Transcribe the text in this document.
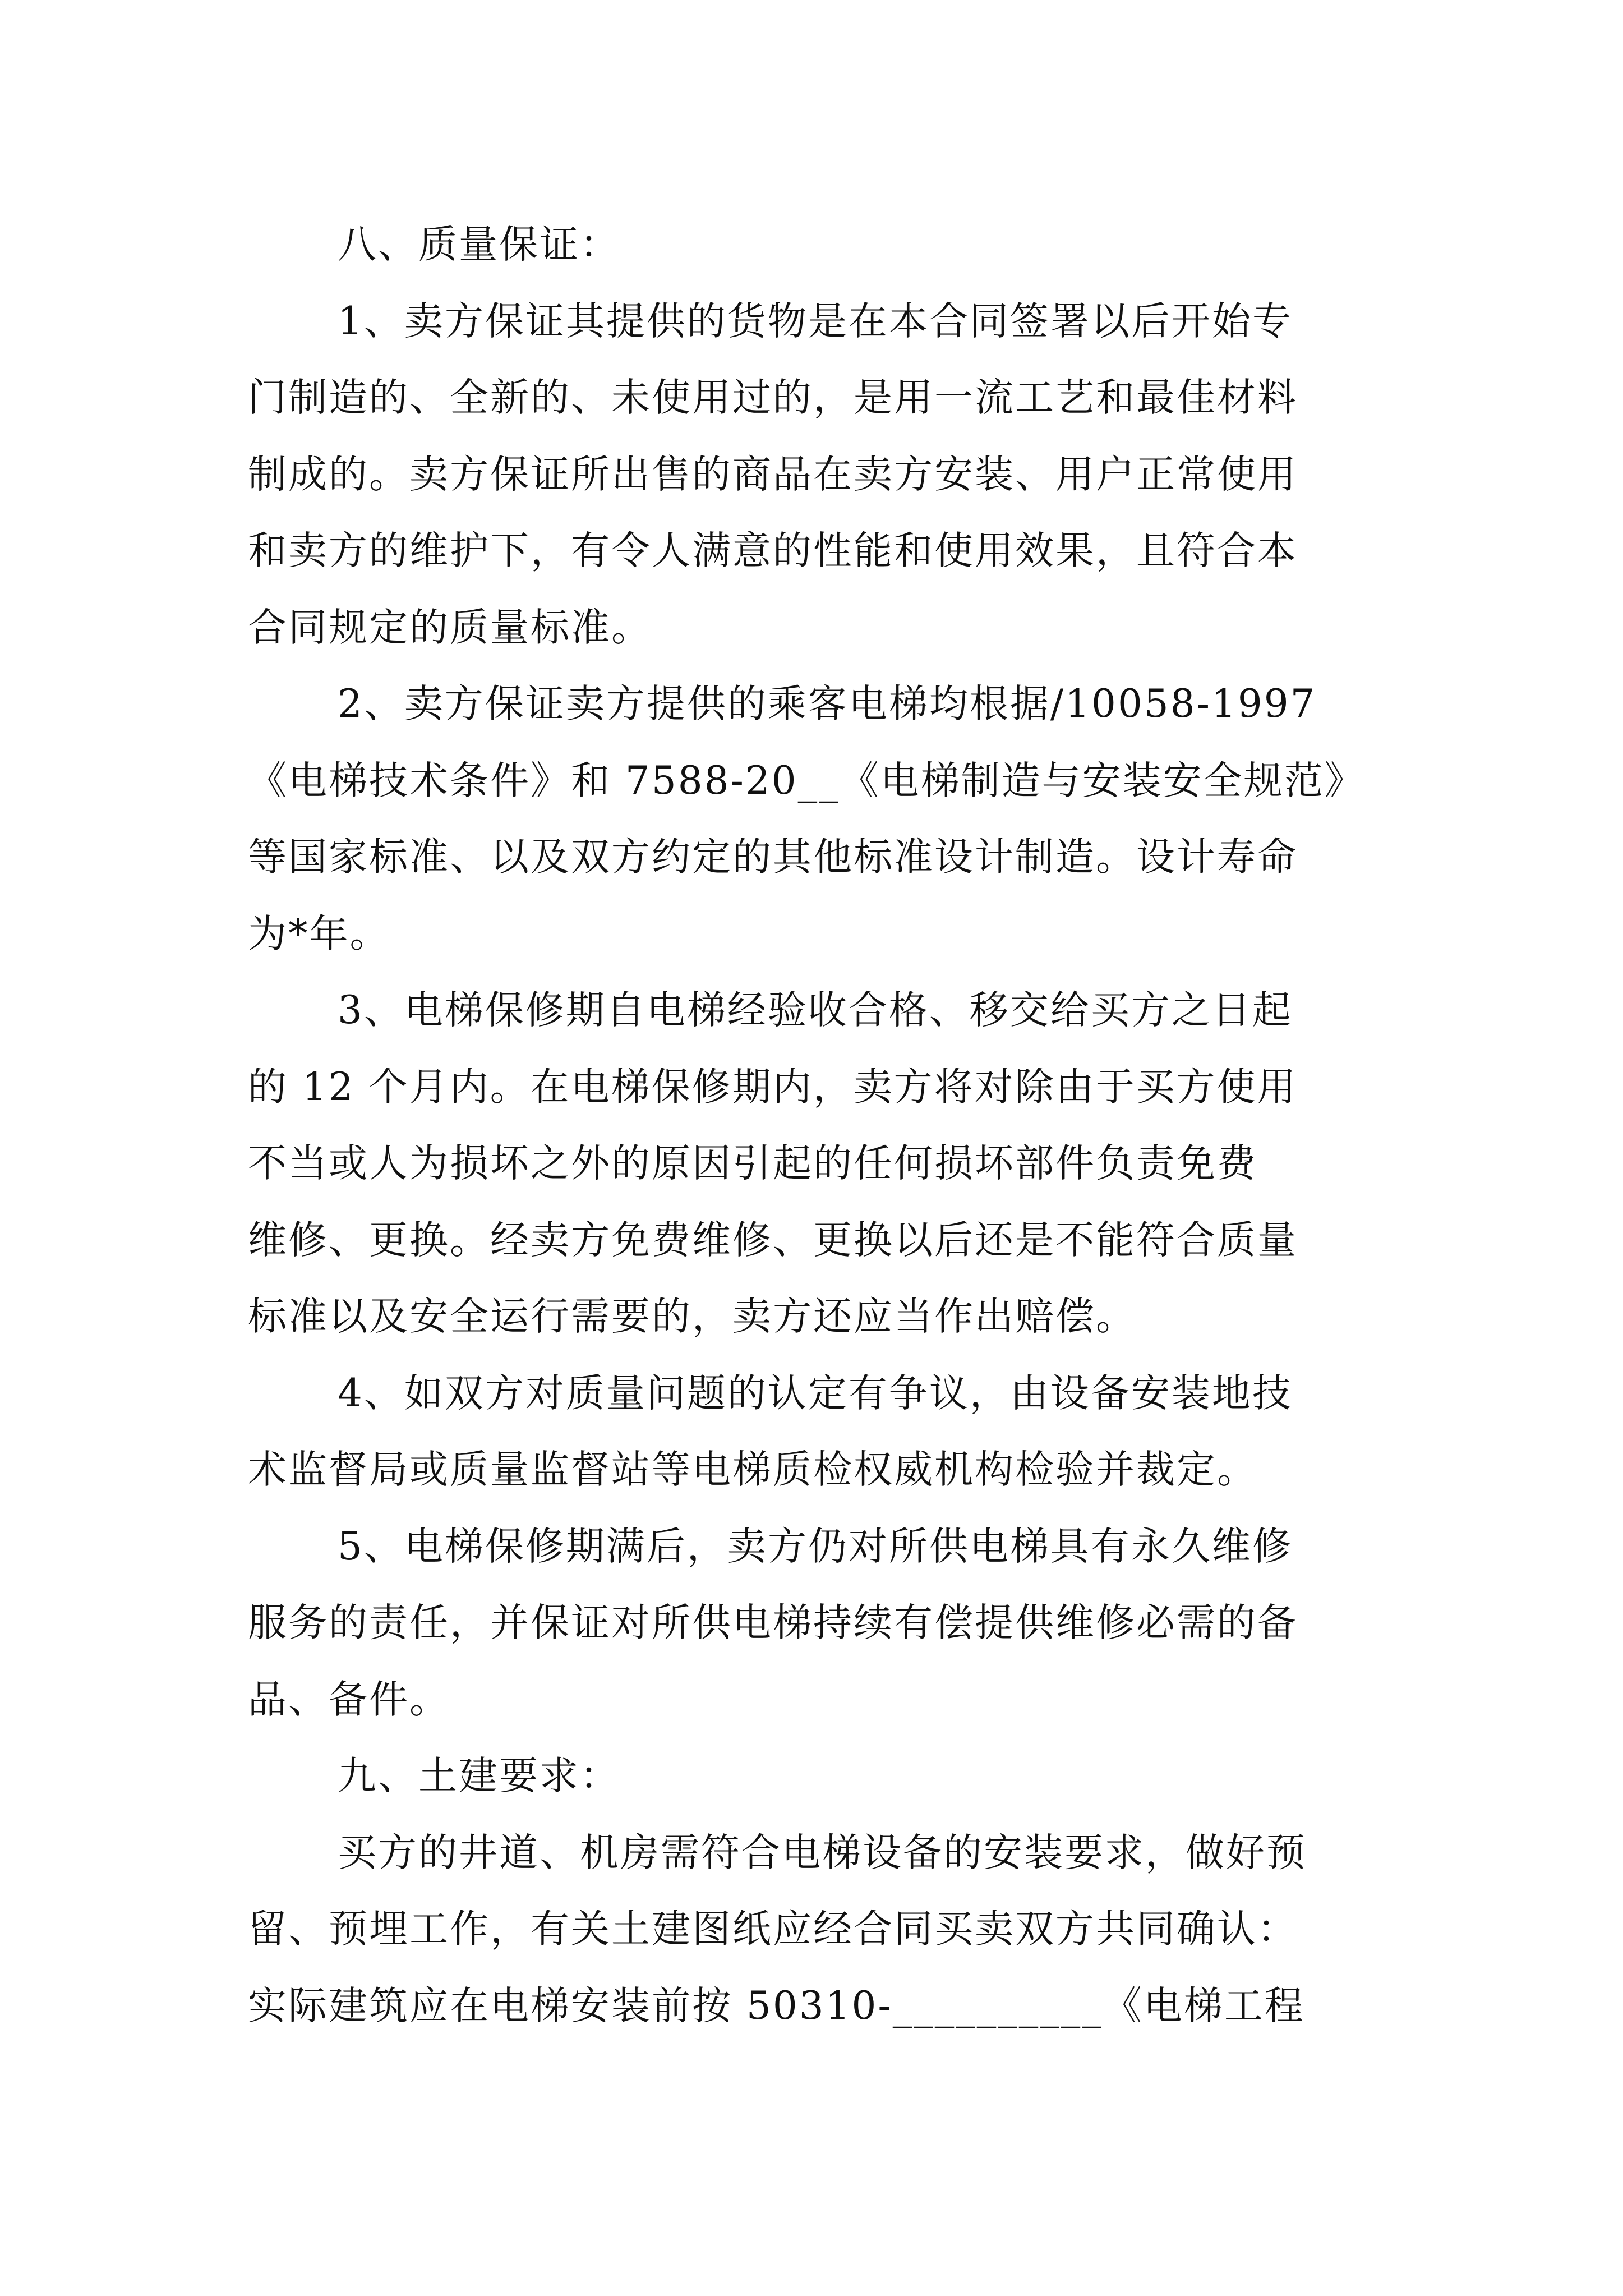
八、质量保证：

1、卖方保证其提供的货物是在本合同签署以后开始专

门制造的、全新的、未使用过的，是用一流工艺和最佳材料

制成的。卖方保证所出售的商品在卖方安装、用户正常使用

和卖方的维护下，有令人满意的性能和使用效果，且符合本

合同规定的质量标准。

2、卖方保证卖方提供的乘客电梯均根据/10058-1997

《电梯技术条件》和 7588-20__《电梯制造与安装安全规范》

等国家标准、以及双方约定的其他标准设计制造。设计寿命

为*年。

3、电梯保修期自电梯经验收合格、移交给买方之日起

的 12 个月内。在电梯保修期内，卖方将对除由于买方使用

不当或人为损坏之外的原因引起的任何损坏部件负责免费

维修、更换。经卖方免费维修、更换以后还是不能符合质量

标准以及安全运行需要的，卖方还应当作出赔偿。

4、如双方对质量问题的认定有争议，由设备安装地技

术监督局或质量监督站等电梯质检权威机构检验并裁定。

5、电梯保修期满后，卖方仍对所供电梯具有永久维修

服务的责任，并保证对所供电梯持续有偿提供维修必需的备

品、备件。

九、土建要求：

买方的井道、机房需符合电梯设备的安装要求，做好预

留、预埋工作，有关土建图纸应经合同买卖双方共同确认：

实际建筑应在电梯安装前按 50310-__________《电梯工程
